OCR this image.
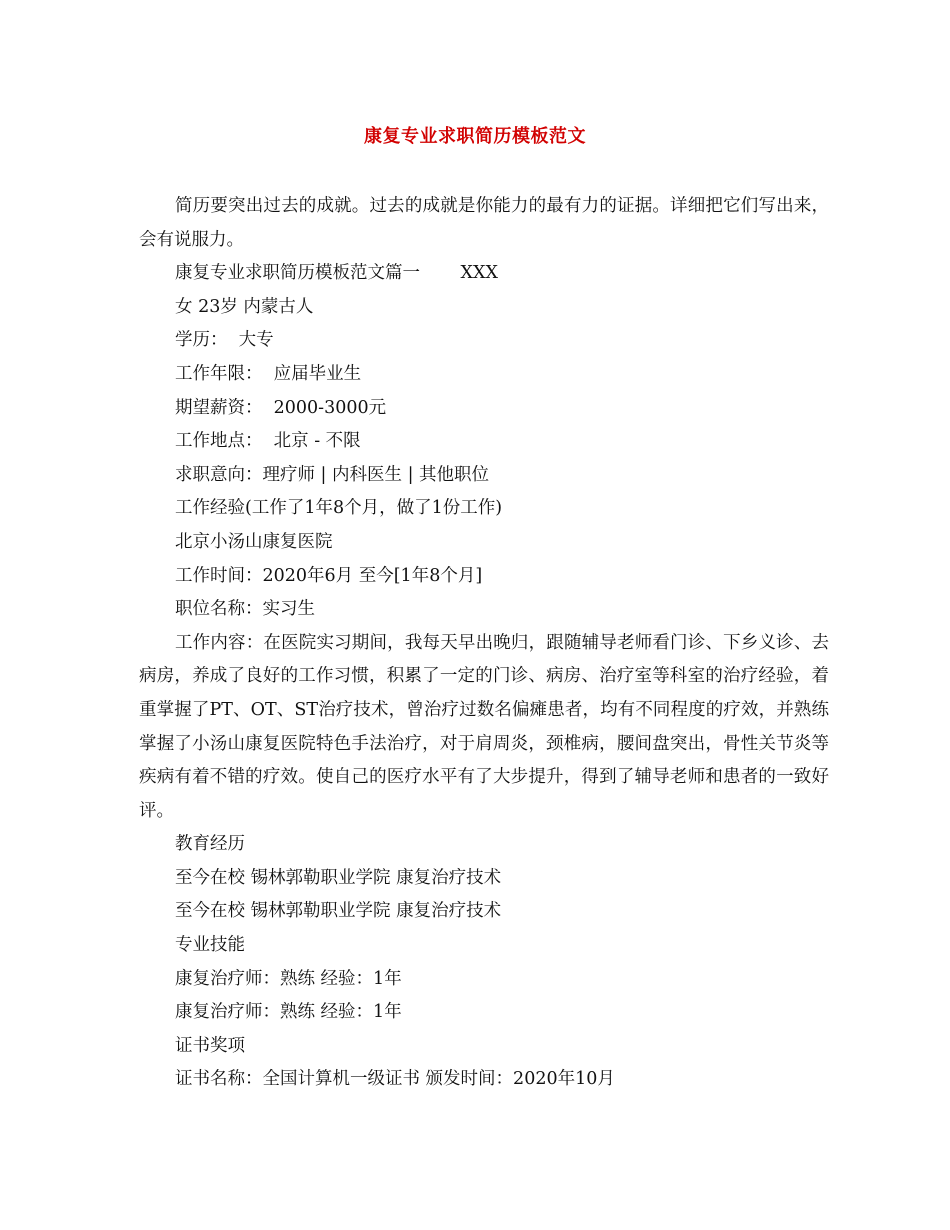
康复专业求职简历模板范文

简历要突出过去的成就。过去的成就是你能力的最有力的证据。详细把它们写出来，会有说服力。

康复专业求职简历模板范文篇一　　 XXX

女 23岁 内蒙古人

学历：  大专

工作年限：  应届毕业生

期望薪资：  2000-3000元

工作地点：  北京 - 不限

求职意向：理疗师 | 内科医生 | 其他职位

工作经验(工作了1年8个月，做了1份工作)

北京小汤山康复医院

工作时间：2020年6月 至今[1年8个月]

职位名称：实习生

工作内容：在医院实习期间，我每天早出晚归，跟随辅导老师看门诊、下乡义诊、去病房，养成了良好的工作习惯，积累了一定的门诊、病房、治疗室等科室的治疗经验，着重掌握了PT、OT、ST治疗技术，曾治疗过数名偏瘫患者，均有不同程度的疗效，并熟练掌握了小汤山康复医院特色手法治疗，对于肩周炎，颈椎病，腰间盘突出，骨性关节炎等疾病有着不错的疗效。使自己的医疗水平有了大步提升，得到了辅导老师和患者的一致好评。

教育经历

至今在校 锡林郭勒职业学院 康复治疗技术

至今在校 锡林郭勒职业学院 康复治疗技术

专业技能

康复治疗师：熟练 经验：1年

康复治疗师：熟练 经验：1年

证书奖项

证书名称：全国计算机一级证书 颁发时间：2020年10月
